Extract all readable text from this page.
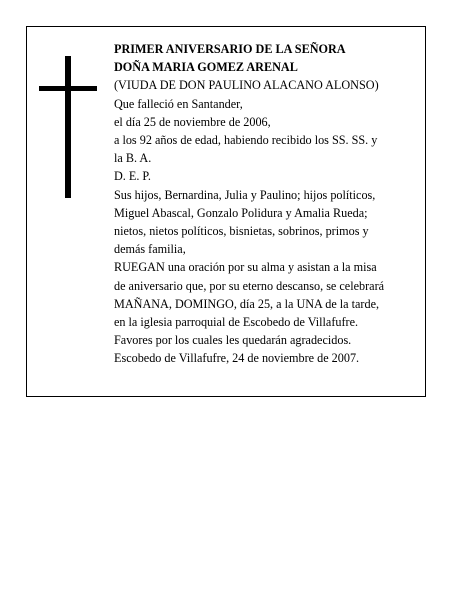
PRIMER ANIVERSARIO DE LA SEÑORA
DOÑA MARIA GOMEZ ARENAL
(VIUDA DE DON PAULINO ALACANO ALONSO)
Que falleció en Santander,
el día 25 de noviembre de 2006,
a los 92 años de edad, habiendo recibido los SS. SS. y
la B. A.
D. E. P.
Sus hijos, Bernardina, Julia y Paulino; hijos políticos,
Miguel Abascal, Gonzalo Polidura y Amalia Rueda;
nietos, nietos políticos, bisnietas, sobrinos, primos y
demás familia,
RUEGAN una oración por su alma y asistan a la misa
de aniversario que, por su eterno descanso, se celebrará
MAÑANA, DOMINGO, día 25, a la UNA de la tarde,
en la iglesia parroquial de Escobedo de Villafufre.
Favores por los cuales les quedarán agradecidos.
Escobedo de Villafufre, 24 de noviembre de 2007.
